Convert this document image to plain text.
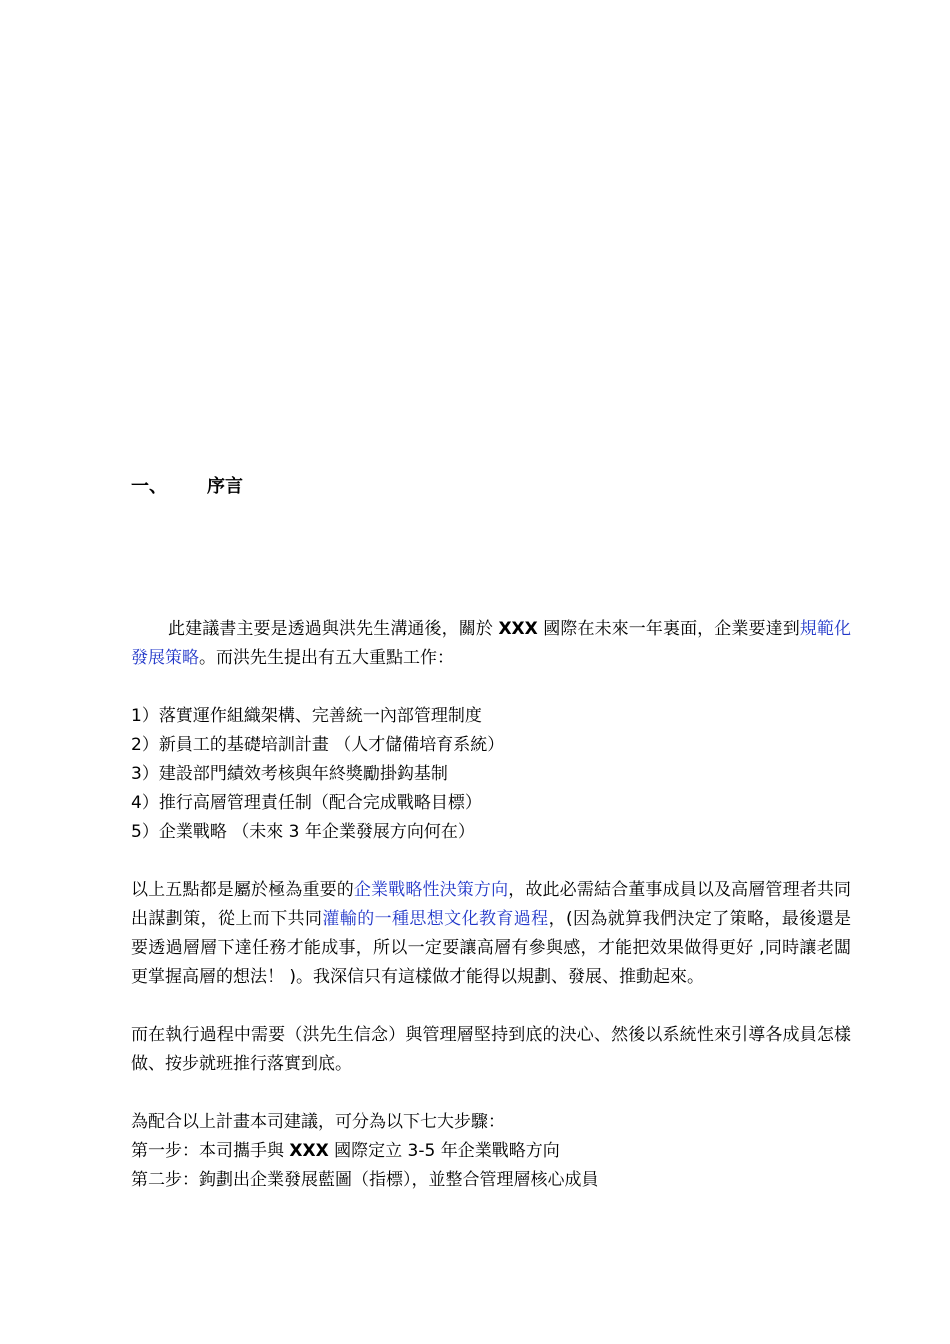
一、 序言

此建議書主要是透過與洪先生溝通後，關於 XXX 國際在未來一年裏面，企業要達到規範化發展策略。而洪先生提出有五大重點工作：

1）落實運作組織架構、完善統一內部管理制度

2）新員工的基礎培訓計畫 （人才儲備培育系統）

3）建設部門績效考核與年終獎勵掛鈎基制

4）推行高層管理責任制（配合完成戰略目標）

5）企業戰略 （未來 3 年企業發展方向何在）

以上五點都是屬於極為重要的企業戰略性決策方向，故此必需結合董事成員以及高層管理者共同出謀劃策，從上而下共同灌輸的一種思想文化教育過程，(因為就算我們決定了策略，最後還是要透過層層下達任務才能成事，所以一定要讓高層有參與感，才能把效果做得更好 ,同時讓老闆更掌握高層的想法！ )。我深信只有這樣做才能得以規劃、發展、推動起來。

而在執行過程中需要（洪先生信念）與管理層堅持到底的決心、然後以系統性來引導各成員怎樣做、按步就班推行落實到底。

為配合以上計畫本司建議，可分為以下七大步驟：

第一步：本司攜手與 XXX 國際定立 3-5 年企業戰略方向

第二步：鉤劃出企業發展藍圖（指標），並整合管理層核心成員
